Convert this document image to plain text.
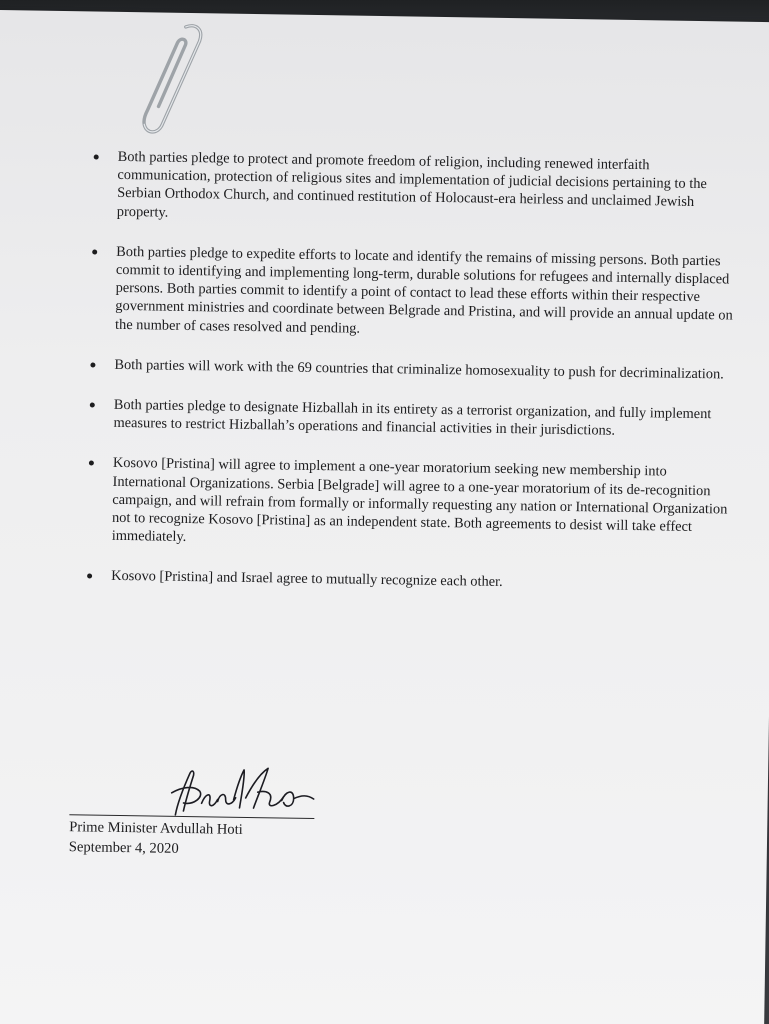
Both parties pledge to protect and promote freedom of religion, including renewed interfaith communication, protection of religious sites and implementation of judicial decisions pertaining to the Serbian Orthodox Church, and continued restitution of Holocaust-era heirless and unclaimed Jewish property.
Both parties pledge to expedite efforts to locate and identify the remains of missing persons. Both parties commit to identifying and implementing long-term, durable solutions for refugees and internally displaced persons. Both parties commit to identify a point of contact to lead these efforts within their respective government ministries and coordinate between Belgrade and Pristina, and will provide an annual update on the number of cases resolved and pending.
Both parties will work with the 69 countries that criminalize homosexuality to push for decriminalization.
Both parties pledge to designate Hizballah in its entirety as a terrorist organization, and fully implement measures to restrict Hizballah’s operations and financial activities in their jurisdictions.
Kosovo [Pristina] will agree to implement a one-year moratorium seeking new membership into International Organizations. Serbia [Belgrade] will agree to a one-year moratorium of its de-recognition campaign, and will refrain from formally or informally requesting any nation or International Organization not to recognize Kosovo [Pristina] as an independent state. Both agreements to desist will take effect immediately.
Kosovo [Pristina] and Israel agree to mutually recognize each other.
Prime Minister Avdullah Hoti
September 4, 2020
